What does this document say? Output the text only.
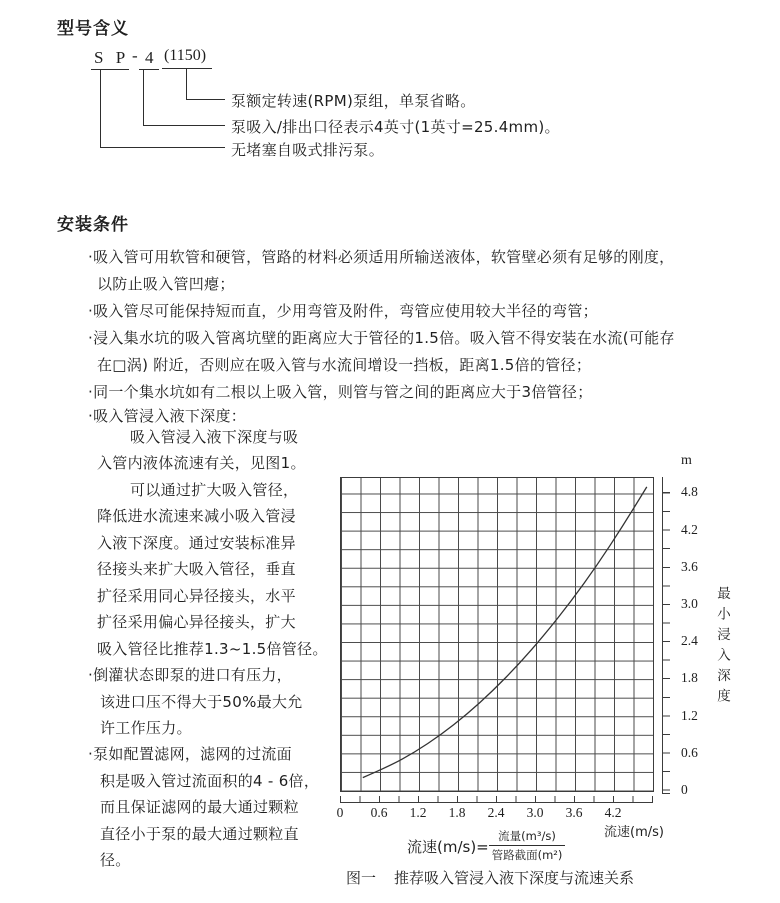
型号含义
S P - 4 (1150)
泵额定转速(RPM)泵组，单泵省略。
泵吸入/排出口径表示4英寸(1英寸=25.4mm)。
无堵塞自吸式排污泵。
安装条件
·吸入管可用软管和硬管，管路的材料必须适用所输送液体，软管壁必须有足够的刚度，
以防止吸入管凹瘪；
·吸入管尽可能保持短而直，少用弯管及附件，弯管应使用较大半径的弯管；
·浸入集水坑的吸入管离坑壁的距离应大于管径的1.5倍。吸入管不得安装在水流(可能存
在□涡) 附近，否则应在吸入管与水流间增设一挡板，距离1.5倍的管径；
·同一个集水坑如有二根以上吸入管，则管与管之间的距离应大于3倍管径；
·吸入管浸入液下深度：
吸入管浸入液下深度与吸
入管内液体流速有关，见图1。
可以通过扩大吸入管径，
降低进水流速来减小吸入管浸
入液下深度。通过安装标准异
径接头来扩大吸入管径，垂直
扩径采用同心异径接头，水平
扩径采用偏心异径接头，扩大
吸入管径比推荐1.3~1.5倍管径。
·倒灌状态即泵的进口有压力，
该进口压不得大于50%最大允
许工作压力。
·泵如配置滤网，滤网的过流面
积是吸入管过流面积的4 - 6倍，
而且保证滤网的最大通过颗粒
直径小于泵的最大通过颗粒直
径。
0	0.6	1.2	1.8	2.4	3.0	3.6	4.2
流速(m/s)
m
0
0.6
1.2
1.8
2.4
3.0
3.6
4.2
4.8
最小浸入深度
流速(m/s)=
流量(m³/s)
管路截面(m²)
图一 推荐吸入管浸入液下深度与流速关系
